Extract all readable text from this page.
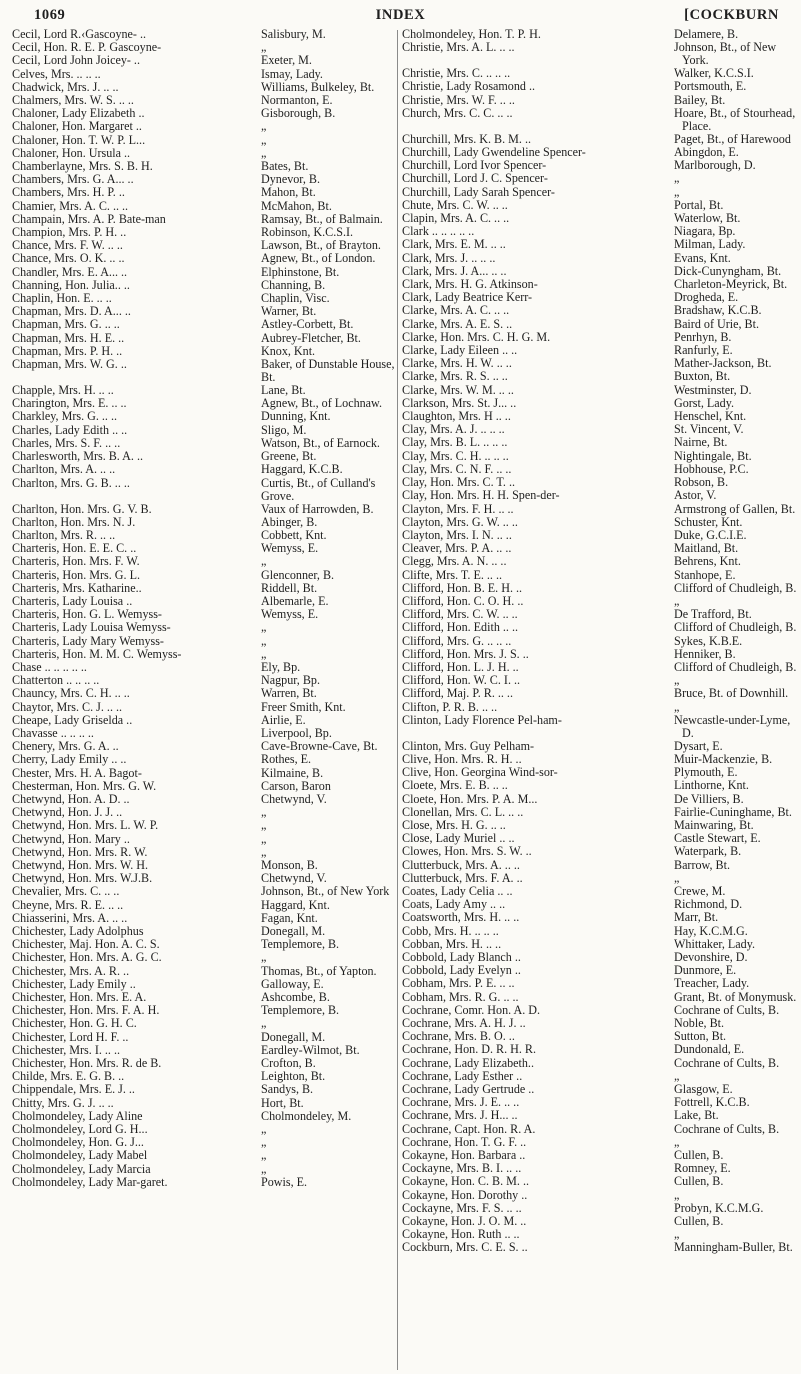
1069	INDEX	[COCKBURN
Cecil, Lord R.‹Gascoyne- ..	Salisbury, M.
Cecil, Hon. R. E. P. Gascoyne-	„
Cecil, Lord John Joicey- ..	Exeter, M.
Celves, Mrs. .. .. ..	Ismay, Lady.
Chadwick, Mrs. J. .. ..	Williams, Bulkeley, Bt.
Chalmers, Mrs. W. S. .. ..	Normanton, E.
Chaloner, Lady Elizabeth ..	Gisborough, B.
Chaloner, Hon. Margaret ..	„
Chaloner, Hon. T. W. P. L...	„
Chaloner, Hon. Ursula ..	„
Chamberlayne, Mrs. S. B. H.	Bates, Bt.
Chambers, Mrs. G. A... ..	Dynevor, B.
Chambers, Mrs. H. P. ..	Mahon, Bt.
Chamier, Mrs. A. C. .. ..	McMahon, Bt.
Champain, Mrs. A. P. Bate-man	Ramsay, Bt., of Balmain.
Champion, Mrs. P. H. ..	Robinson, K.C.S.I.
Chance, Mrs. F. W. .. ..	Lawson, Bt., of Brayton.
Chance, Mrs. O. K. .. ..	Agnew, Bt., of London.
Chandler, Mrs. E. A... ..	Elphinstone, Bt.
Channing, Hon. Julia.. ..	Channing, B.
Chaplin, Hon. E. .. ..	Chaplin, Visc.
Chapman, Mrs. D. A... ..	Warner, Bt.
Chapman, Mrs. G. .. ..	Astley-Corbett, Bt.
Chapman, Mrs. H. E. ..	Aubrey-Fletcher, Bt.
Chapman, Mrs. P. H. ..	Knox, Knt.
Chapman, Mrs. W. G. ..	Baker, of Dunstable House, Bt.
Chapple, Mrs. H. .. ..	Lane, Bt.
Charington, Mrs. E. .. ..	Agnew, Bt., of Lochnaw.
Charkley, Mrs. G. .. ..	Dunning, Knt.
Charles, Lady Edith .. ..	Sligo, M.
Charles, Mrs. S. F. .. ..	Watson, Bt., of Earnock.
Charlesworth, Mrs. B. A. ..	Greene, Bt.
Charlton, Mrs. A. .. ..	Haggard, K.C.B.
Charlton, Mrs. G. B. .. ..	Curtis, Bt., of Culland's Grove.
Charlton, Hon. Mrs. G. V. B.	Vaux of Harrowden, B.
Charlton, Hon. Mrs. N. J.	Abinger, B.
Charlton, Mrs. R. .. ..	Cobbett, Knt.
Charteris, Hon. E. E. C. ..	Wemyss, E.
Charteris, Hon. Mrs. F. W.	„
Charteris, Hon. Mrs. G. L.	Glenconner, B.
Charteris, Mrs. Katharine..	Riddell, Bt.
Charteris, Lady Louisa ..	Albemarle, E.
Charteris, Hon. G. L. Wemyss-	Wemyss, E.
Charteris, Lady Louisa Wemyss-	„
Charteris, Lady Mary Wemyss-	„
Charteris, Hon. M. M. C. Wemyss-	„
Chase .. .. .. .. ..	Ely, Bp.
Chatterton .. .. .. ..	Nagpur, Bp.
Chauncy, Mrs. C. H. .. ..	Warren, Bt.
Chaytor, Mrs. C. J. .. ..	Freer Smith, Knt.
Cheape, Lady Griselda ..	Airlie, E.
Chavasse .. .. .. ..	Liverpool, Bp.
Chenery, Mrs. G. A. ..	Cave-Browne-Cave, Bt.
Cherry, Lady Emily .. ..	Rothes, E.
Chester, Mrs. H. A. Bagot-	Kilmaine, B.
Chesterman, Hon. Mrs. G. W.	Carson, Baron
Chetwynd, Hon. A. D. ..	Chetwynd, V.
Chetwynd, Hon. J. J. ..	„
Chetwynd, Hon. Mrs. L. W. P.	„
Chetwynd, Hon. Mary ..	„
Chetwynd, Hon. Mrs. R. W.	„
Chetwynd, Hon. Mrs. W. H.	Monson, B.
Chetwynd, Hon. Mrs. W.J.B.	Chetwynd, V.
Chevalier, Mrs. C. .. ..	Johnson, Bt., of New York
Cheyne, Mrs. R. E. .. ..	Haggard, Knt.
Chiasserini, Mrs. A. .. ..	Fagan, Knt.
Chichester, Lady Adolphus	Donegall, M.
Chichester, Maj. Hon. A. C. S.	Templemore, B.
Chichester, Hon. Mrs. A. G. C.	„
Chichester, Mrs. A. R. ..	Thomas, Bt., of Yapton.
Chichester, Lady Emily ..	Galloway, E.
Chichester, Hon. Mrs. E. A.	Ashcombe, B.
Chichester, Hon. Mrs. F. A. H.	Templemore, B.
Chichester, Hon. G. H. C.	„
Chichester, Lord H. F. ..	Donegall, M.
Chichester, Mrs. I. .. ..	Eardley-Wilmot, Bt.
Chichester, Hon. Mrs. R. de B.	Crofton, B.
Childe, Mrs. E. G. B. ..	Leighton, Bt.
Chippendale, Mrs. E. J. ..	Sandys, B.
Chitty, Mrs. G. J. .. ..	Hort, Bt.
Cholmondeley, Lady Aline	Cholmondeley, M.
Cholmondeley, Lord G. H...	„
Cholmondeley, Hon. G. J...	„
Cholmondeley, Lady Mabel	„
Cholmondeley, Lady Marcia	„
Cholmondeley, Lady Mar-garet.	Powis, E.
Cholmondeley, Hon. T. P. H.	Delamere, B.
Christie, Mrs. A. L. .. ..	Johnson, Bt., of New York.
Christie, Mrs. C. .. .. ..	Walker, K.C.S.I.
Christie, Lady Rosamond ..	Portsmouth, E.
Christie, Mrs. W. F. .. ..	Bailey, Bt.
Church, Mrs. C. C. .. ..	Hoare, Bt., of Stourhead, Place.
Churchill, Mrs. K. B. M. ..	Paget, Bt., of Harewood
Churchill, Lady Gwendeline Spencer-	Abingdon, E.
Churchill, Lord Ivor Spencer-	Marlborough, D.
Churchill, Lord J. C. Spencer-	„
Churchill, Lady Sarah Spencer-	„
Chute, Mrs. C. W. .. ..	Portal, Bt.
Clapin, Mrs. A. C. .. ..	Waterlow, Bt.
Clark .. .. .. .. ..	Niagara, Bp.
Clark, Mrs. E. M. .. ..	Milman, Lady.
Clark, Mrs. J. .. .. ..	Evans, Knt.
Clark, Mrs. J. A... .. ..	Dick-Cunyngham, Bt.
Clark, Mrs. H. G. Atkinson-	Charleton-Meyrick, Bt.
Clark, Lady Beatrice Kerr-	Drogheda, E.
Clarke, Mrs. A. C. .. ..	Bradshaw, K.C.B.
Clarke, Mrs. A. E. S. ..	Baird of Urie, Bt.
Clarke, Hon. Mrs. C. H. G. M.	Penrhyn, B.
Clarke, Lady Eileen .. ..	Ranfurly, E.
Clarke, Mrs. H. W. .. ..	Mather-Jackson, Bt.
Clarke, Mrs. R. S. .. ..	Buxton, Bt.
Clarke, Mrs. W. M. .. ..	Westminster, D.
Clarkson, Mrs. St. J... ..	Gorst, Lady.
Claughton, Mrs. H .. ..	Henschel, Knt.
Clay, Mrs. A. J. .. .. ..	St. Vincent, V.
Clay, Mrs. B. L. .. .. ..	Nairne, Bt.
Clay, Mrs. C. H. .. .. ..	Nightingale, Bt.
Clay, Mrs. C. N. F. .. ..	Hobhouse, P.C.
Clay, Hon. Mrs. C. T. ..	Robson, B.
Clay, Hon. Mrs. H. H. Spen-der-	Astor, V.
Clayton, Mrs. F. H. .. ..	Armstrong of Gallen, Bt.
Clayton, Mrs. G. W. .. ..	Schuster, Knt.
Clayton, Mrs. I. N. .. ..	Duke, G.C.I.E.
Cleaver, Mrs. P. A. .. ..	Maitland, Bt.
Clegg, Mrs. A. N. .. ..	Behrens, Knt.
Clifte, Mrs. T. E. .. ..	Stanhope, E.
Clifford, Hon. B. E. H. ..	Clifford of Chudleigh, B.
Clifford, Hon. C. O. H. ..	„
Clifford, Mrs. C. W. .. ..	De Trafford, Bt.
Clifford, Hon. Edith .. ..	Clifford of Chudleigh, B.
Clifford, Mrs. G. .. .. ..	Sykes, K.B.E.
Clifford, Hon. Mrs. J. S. ..	Henniker, B.
Clifford, Hon. L. J. H. ..	Clifford of Chudleigh, B.
Clifford, Hon. W. C. I. ..	„
Clifford, Maj. P. R. .. ..	Bruce, Bt. of Downhill.
Clifton, P. R. B. .. ..	„
Clinton, Lady Florence Pel-ham-	Newcastle-under-Lyme, D.
Clinton, Mrs. Guy Pelham-	Dysart, E.
Clive, Hon. Mrs. R. H. ..	Muir-Mackenzie, B.
Clive, Hon. Georgina Wind-sor-	Plymouth, E.
Cloete, Mrs. E. B. .. ..	Linthorne, Knt.
Cloete, Hon. Mrs. P. A. M...	De Villiers, B.
Clonellan, Mrs. C. L. .. ..	Fairlie-Cuninghame, Bt.
Close, Mrs. H. G. .. ..	Mainwaring, Bt.
Close, Lady Muriel .. ..	Castle Stewart, E.
Clowes, Hon. Mrs. S. W. ..	Waterpark, B.
Clutterbuck, Mrs. A. .. ..	Barrow, Bt.
Clutterbuck, Mrs. F. A. ..	„
Coates, Lady Celia .. ..	Crewe, M.
Coats, Lady Amy .. ..	Richmond, D.
Coatsworth, Mrs. H. .. ..	Marr, Bt.
Cobb, Mrs. H. .. .. ..	Hay, K.C.M.G.
Cobban, Mrs. H. .. ..	Whittaker, Lady.
Cobbold, Lady Blanch ..	Devonshire, D.
Cobbold, Lady Evelyn ..	Dunmore, E.
Cobham, Mrs. P. E. .. ..	Treacher, Lady.
Cobham, Mrs. R. G. .. ..	Grant, Bt. of Monymusk.
Cochrane, Comr. Hon. A. D.	Cochrane of Cults, B.
Cochrane, Mrs. A. H. J. ..	Noble, Bt.
Cochrane, Mrs. B. O. ..	Sutton, Bt.
Cochrane, Hon. D. R. H. R.	Dundonald, E.
Cochrane, Lady Elizabeth..	Cochrane of Cults, B.
Cochrane, Lady Esther ..	„
Cochrane, Lady Gertrude ..	Glasgow, E.
Cochrane, Mrs. J. E. .. ..	Fottrell, K.C.B.
Cochrane, Mrs. J. H... ..	Lake, Bt.
Cochrane, Capt. Hon. R. A.	Cochrane of Cults, B.
Cochrane, Hon. T. G. F. ..	„
Cokayne, Hon. Barbara ..	Cullen, B.
Cockayne, Mrs. B. I. .. ..	Romney, E.
Cokayne, Hon. C. B. M. ..	Cullen, B.
Cokayne, Hon. Dorothy ..	„
Cockayne, Mrs. F. S. .. ..	Probyn, K.C.M.G.
Cokayne, Hon. J. O. M. ..	Cullen, B.
Cokayne, Hon. Ruth .. ..	„
Cockburn, Mrs. C. E. S. ..	Manningham-Buller, Bt.
